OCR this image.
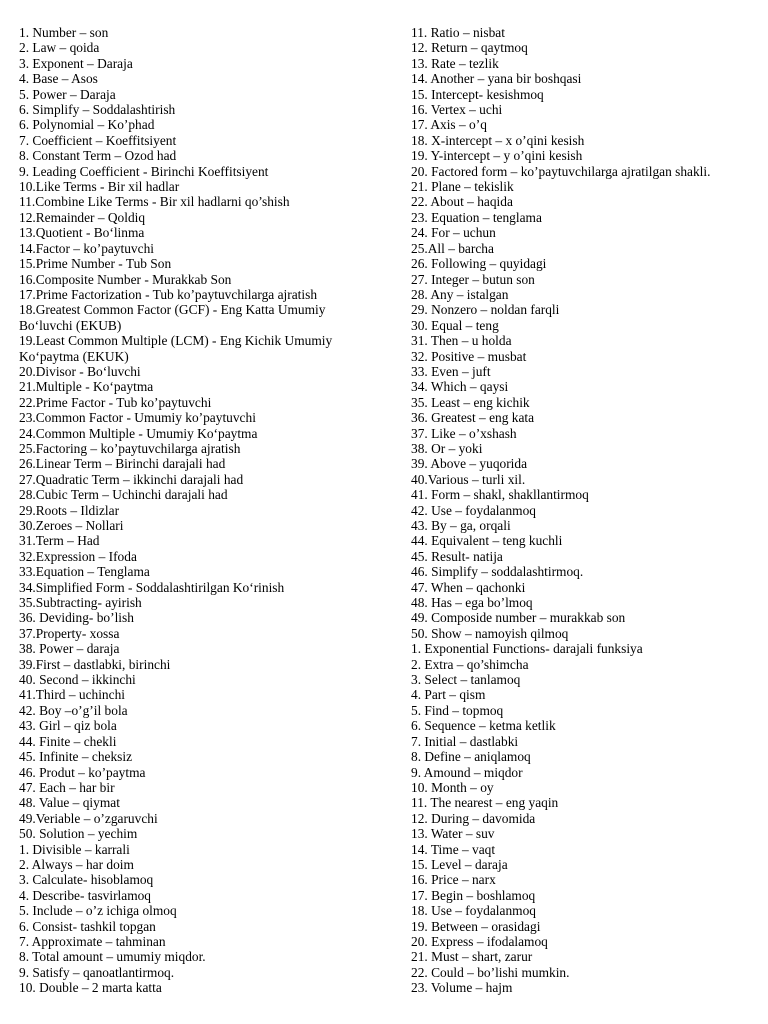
1. Number – son
2. Law – qoida
3. Exponent – Daraja
4. Base – Asos
5. Power – Daraja
6. Simplify – Soddalashtirish
6. Polynomial – Ko’phad
7. Coefficient – Koeffitsiyent
8. Constant Term – Ozod had
9. Leading Coefficient - Birinchi Koeffitsiyent
10.Like Terms - Bir xil hadlar
11.Combine Like Terms - Bir xil hadlarni qo’shish
12.Remainder – Qoldiq
13.Quotient - Bo‘linma
14.Factor – ko’paytuvchi
15.Prime Number - Tub Son
16.Composite Number - Murakkab Son
17.Prime Factorization - Tub ko’paytuvchilarga ajratish
18.Greatest Common Factor (GCF) - Eng Katta Umumiy Bo‘luvchi (EKUB)
19.Least Common Multiple (LCM) - Eng Kichik Umumiy Ko‘paytma (EKUK)
20.Divisor - Bo‘luvchi
21.Multiple - Ko‘paytma
22.Prime Factor - Tub ko’paytuvchi
23.Common Factor - Umumiy ko’paytuvchi
24.Common Multiple - Umumiy Ko‘paytma
25.Factoring – ko’paytuvchilarga ajratish
26.Linear Term – Birinchi darajali had
27.Quadratic Term – ikkinchi darajali had
28.Cubic Term – Uchinchi darajali had
29.Roots – Ildizlar
30.Zeroes – Nollari
31.Term – Had
32.Expression – Ifoda
33.Equation – Tenglama
34.Simplified Form - Soddalashtirilgan Ko‘rinish
35.Subtracting- ayirish
36. Deviding- bo’lish
37.Property- xossa
38. Power – daraja
39.First – dastlabki, birinchi
40. Second – ikkinchi
41.Third – uchinchi
42. Boy –o’g’il bola
43. Girl – qiz bola
44. Finite – chekli
45. Infinite – cheksiz
46. Produt – ko’paytma
47. Each – har bir
48. Value – qiymat
49.Veriable – o’zgaruvchi
50. Solution – yechim
1. Divisible – karrali
2. Always – har doim
3. Calculate- hisoblamoq
4. Describe- tasvirlamoq
5. Include – o’z ichiga olmoq
6. Consist- tashkil topgan
7. Approximate – tahminan
8. Total amount – umumiy miqdor.
9. Satisfy – qanoatlantirmoq.
10. Double – 2 marta katta
11. Ratio – nisbat
12. Return – qaytmoq
13. Rate – tezlik
14. Another – yana bir boshqasi
15. Intercept- kesishmoq
16. Vertex – uchi
17. Axis – o’q
18. X-intercept – x o’qini kesish
19. Y-intercept – y o’qini kesish
20. Factored form – ko’paytuvchilarga ajratilgan shakli.
21. Plane – tekislik
22. About – haqida
23. Equation – tenglama
24. For – uchun
25.All – barcha
26. Following – quyidagi
27. Integer – butun son
28. Any – istalgan
29. Nonzero – noldan farqli
30. Equal – teng
31. Then – u holda
32. Positive – musbat
33. Even – juft
34. Which – qaysi
35. Least – eng kichik
36. Greatest – eng kata
37. Like – o’xshash
38. Or – yoki
39. Above – yuqorida
40.Various – turli xil.
41. Form – shakl, shakllantirmoq
42. Use – foydalanmoq
43. By – ga, orqali
44. Equivalent – teng kuchli
45. Result- natija
46. Simplify – soddalashtirmoq.
47. When – qachonki
48. Has – ega bo’lmoq
49. Composide number – murakkab son
50. Show – namoyish qilmoq
1. Exponential Functions- darajali funksiya
2. Extra – qo’shimcha
3. Select – tanlamoq
4. Part – qism
5. Find – topmoq
6. Sequence – ketma ketlik
7. Initial – dastlabki
8. Define – aniqlamoq
9. Amound – miqdor
10. Month – oy
11. The nearest – eng yaqin
12. During – davomida
13. Water – suv
14. Time – vaqt
15. Level – daraja
16. Price – narx
17. Begin – boshlamoq
18. Use – foydalanmoq
19. Between – orasidagi
20. Express – ifodalamoq
21. Must – shart, zarur
22. Could – bo’lishi mumkin.
23. Volume – hajm
